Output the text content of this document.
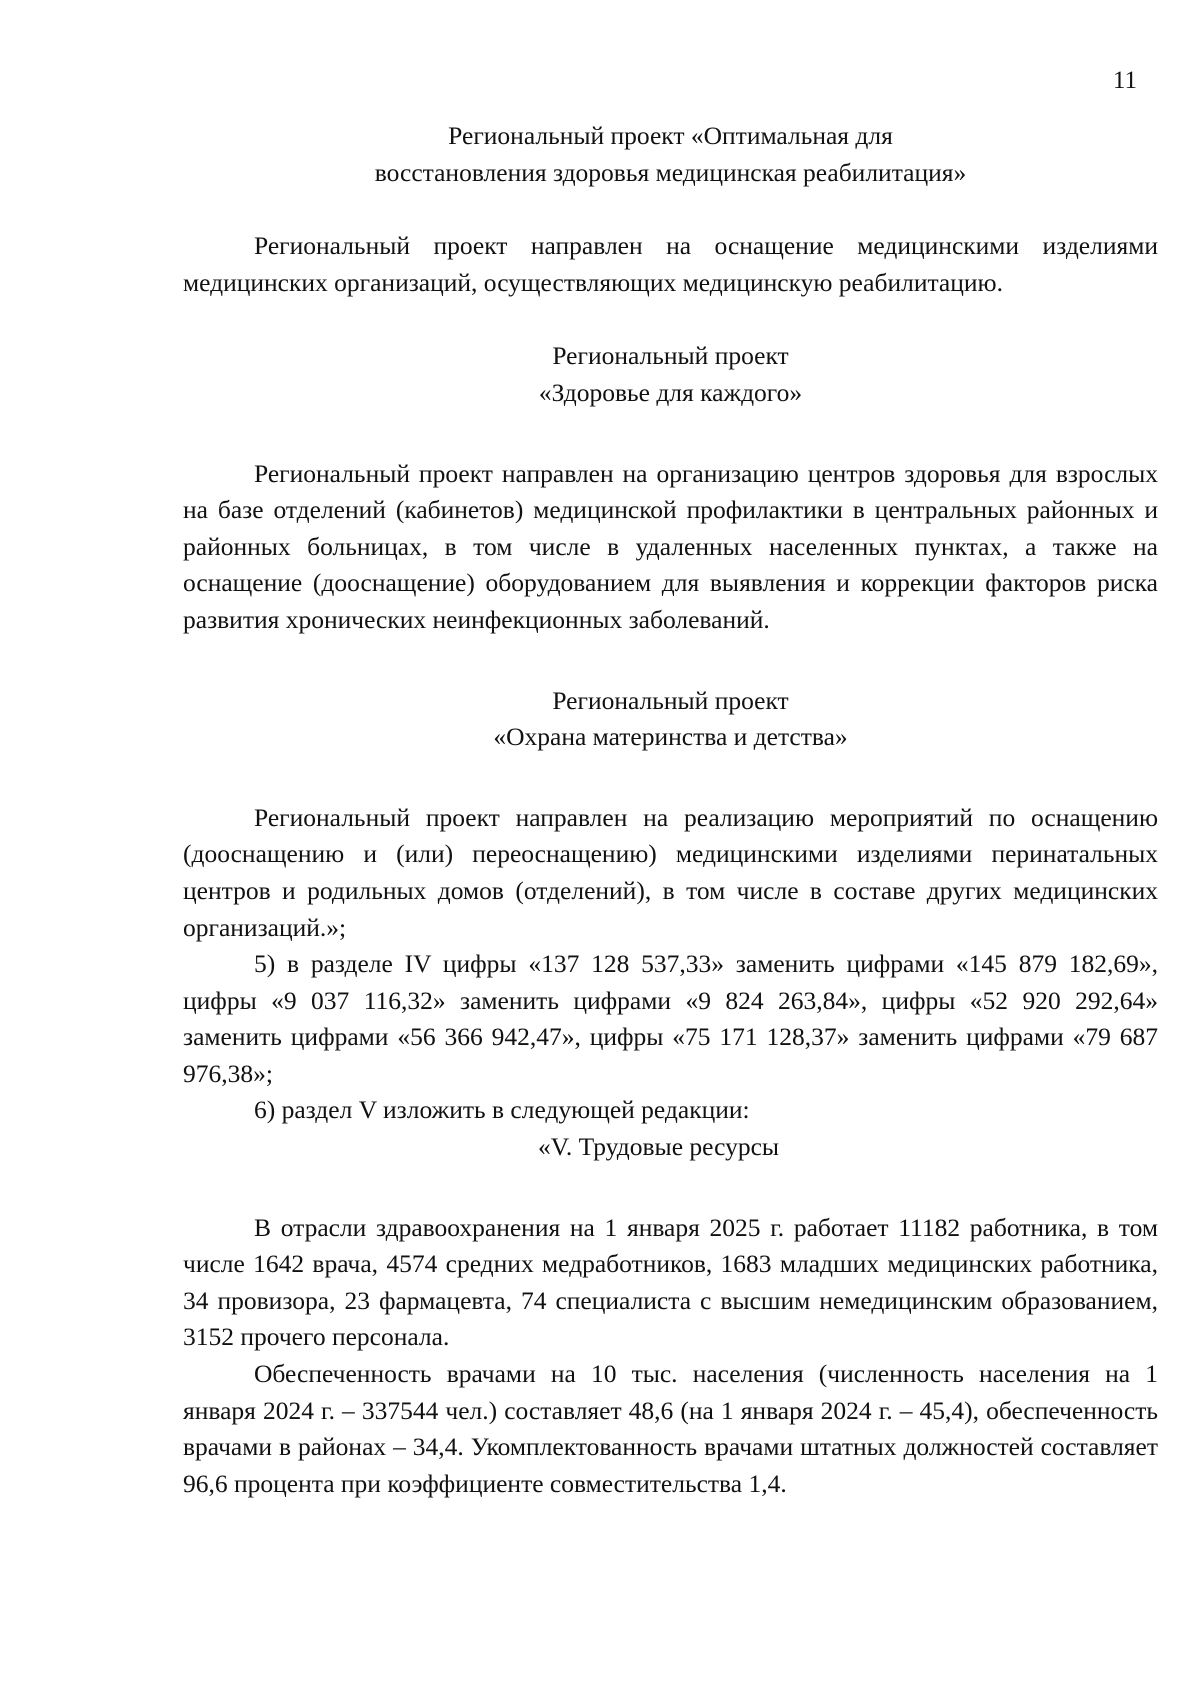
11
Региональный проект «Оптимальная для
восстановления здоровья медицинская реабилитация»

Региональный проект направлен на оснащение медицинскими изделиями медицинских организаций, осуществляющих медицинскую реабилитацию.

Региональный проект
«Здоровье для каждого»

Региональный проект направлен на организацию центров здоровья для взрослых на базе отделений (кабинетов) медицинской профилактики в центральных районных и районных больницах, в том числе в удаленных населенных пунктах, а также на оснащение (дооснащение) оборудованием для выявления и коррекции факторов риска развития хронических неинфекционных заболеваний.

Региональный проект
«Охрана материнства и детства»

Региональный проект направлен на реализацию мероприятий по оснащению (дооснащению и (или) переоснащению) медицинскими изделиями перинатальных центров и родильных домов (отделений), в том числе в составе других медицинских организаций.»;

5) в разделе IV цифры «137 128 537,33» заменить цифрами «145 879 182,69», цифры «9 037 116,32» заменить цифрами «9 824 263,84», цифры «52 920 292,64» заменить цифрами «56 366 942,47», цифры «75 171 128,37» заменить цифрами «79 687 976,38»;

6) раздел V изложить в следующей редакции:

«V. Трудовые ресурсы

В отрасли здравоохранения на 1 января 2025 г. работает 11182 работника, в том числе 1642 врача, 4574 средних медработников, 1683 младших медицинских работника, 34 провизора, 23 фармацевта, 74 специалиста с высшим немедицинским образованием, 3152 прочего персонала.

Обеспеченность врачами на 10 тыс. населения (численность населения на 1 января 2024 г. – 337544 чел.) составляет 48,6 (на 1 января 2024 г. – 45,4), обеспеченность врачами в районах – 34,4. Укомплектованность врачами штатных должностей составляет 96,6 процента при коэффициенте совместительства 1,4.
